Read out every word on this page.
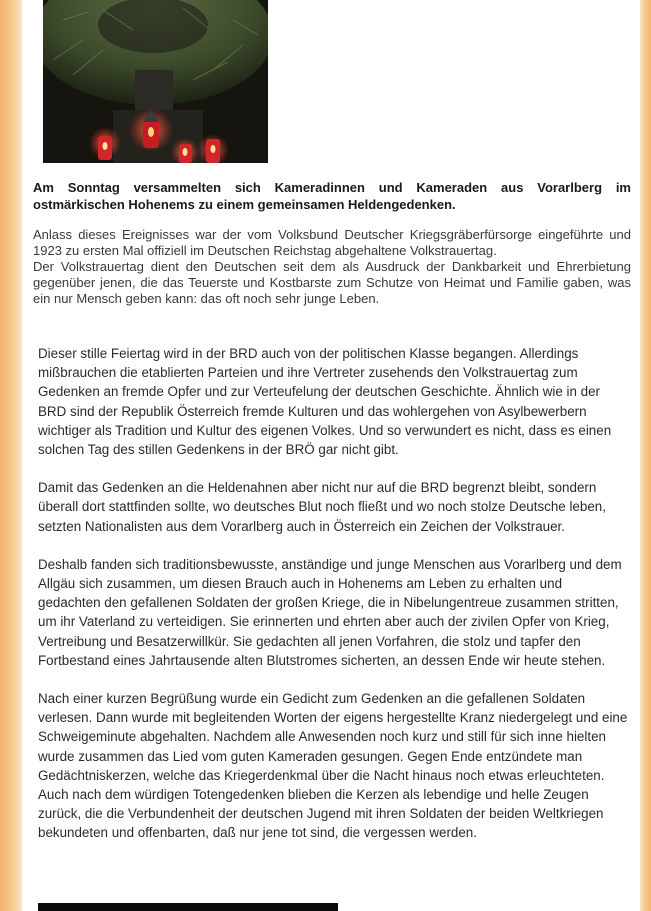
Am Sonntag versammelten sich Kameradinnen und Kameraden aus Vorarlberg im ostmärkischen Hohenems zu einem gemeinsamen Heldengedenken.

Anlass dieses Ereignisses war der vom Volksbund Deutscher Kriegsgräberfürsorge eingeführte und 1923 zu ersten Mal offiziell im Deutschen Reichstag abgehaltene Volkstrauertag.

Der Volkstrauertag dient den Deutschen seit dem als Ausdruck der Dankbarkeit und Ehrerbietung gegenüber jenen, die das Teuerste und Kostbarste zum Schutze von Heimat und Familie gaben, was ein nur Mensch geben kann: das oft noch sehr junge Leben.

Dieser stille Feiertag wird in der BRD auch von der politischen Klasse begangen. Allerdings mißbrauchen die etablierten Parteien und ihre Vertreter zusehends den Volkstrauertag zum Gedenken an fremde Opfer und zur Verteufelung der deutschen Geschichte. Ähnlich wie in der BRD sind der Republik Österreich fremde Kulturen und das wohlergehen von Asylbewerbern wichtiger als Tradition und Kultur des eigenen Volkes. Und so verwundert es nicht, dass es einen solchen Tag des stillen Gedenkens in der BRÖ gar nicht gibt.

Damit das Gedenken an die Heldenahnen aber nicht nur auf die BRD begrenzt bleibt, sondern überall dort stattfinden sollte, wo deutsches Blut noch fließt und wo noch stolze Deutsche leben, setzten Nationalisten aus dem Vorarlberg auch in Österreich ein Zeichen der Volkstrauer.

Deshalb fanden sich traditionsbewusste, anständige und junge Menschen aus Vorarlberg und dem Allgäu sich zusammen, um diesen Brauch auch in Hohenems am Leben zu erhalten und gedachten den gefallenen Soldaten der großen Kriege, die in Nibelungentreue zusammen stritten, um ihr Vaterland zu verteidigen. Sie erinnerten und ehrten aber auch der zivilen Opfer von Krieg, Vertreibung und Besatzerwillkür. Sie gedachten all jenen Vorfahren, die stolz und tapfer den Fortbestand eines Jahrtausende alten Blutstromes sicherten, an dessen Ende wir heute stehen.

Nach einer kurzen Begrüßung wurde ein Gedicht zum Gedenken an die gefallenen Soldaten verlesen. Dann wurde mit begleitenden Worten der eigens hergestellte Kranz niedergelegt und eine Schweigeminute abgehalten. Nachdem alle Anwesenden noch kurz und still für sich inne hielten wurde zusammen das Lied vom guten Kameraden gesungen. Gegen Ende entzündete man Gedächtniskerzen, welche das Kriegerdenkmal über die Nacht hinaus noch etwas erleuchteten. Auch nach dem würdigen Totengedenken blieben die Kerzen als lebendige und helle Zeugen zurück, die die Verbundenheit der deutschen Jugend mit ihren Soldaten der beiden Weltkriegen bekundeten und offenbarten, daß nur jene tot sind, die vergessen werden.
